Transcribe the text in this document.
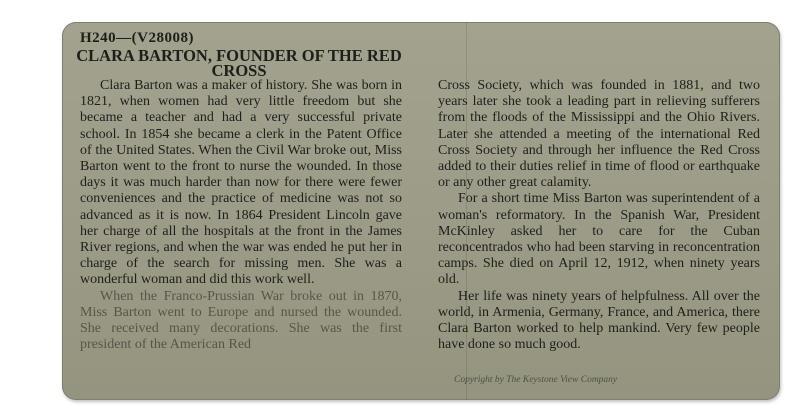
H240—(V28008)
CLARA BARTON, FOUNDER OF THE RED CROSS

Clara Barton was a maker of history. She was born in 1821, when women had very little freedom but she became a teacher and had a very successful private school. In 1854 she became a clerk in the Patent Office of the United States. When the Civil War broke out, Miss Barton went to the front to nurse the wounded. In those days it was much harder than now for there were fewer conveniences and the practice of medicine was not so advanced as it is now. In 1864 President Lincoln gave her charge of all the hospitals at the front in the James River regions, and when the war was ended he put her in charge of the search for missing men. She was a wonderful woman and did this work well.

When the Franco-Prussian War broke out in 1870, Miss Barton went to Europe and nursed the wounded. She received many decorations. She was the first president of the American Red

Cross Society, which was founded in 1881, and two years later she took a leading part in relieving sufferers from the floods of the Mississippi and the Ohio Rivers. Later she attended a meeting of the international Red Cross Society and through her influence the Red Cross added to their duties relief in time of flood or earthquake or any other great calamity.

For a short time Miss Barton was superintendent of a woman's reformatory. In the Spanish War, President McKinley asked her to care for the Cuban reconcentrados who had been starving in reconcentration camps. She died on April 12, 1912, when ninety years old.

Her life was ninety years of helpfulness. All over the world, in Armenia, Germany, France, and America, there Clara Barton worked to help mankind. Very few people have done so much good.

Copyright by The Keystone View Company
